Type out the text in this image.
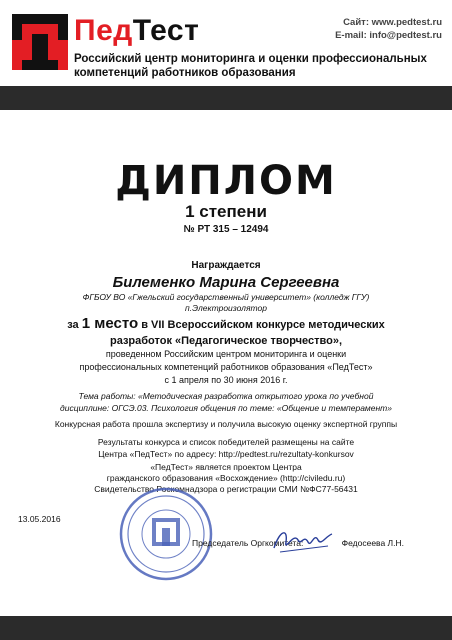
ПедТест	Сайт: www.pedtest.ru
E-mail: info@pedtest.ru
Российский центр мониторинга и оценки профессиональных компетенций работников образования
ДИПЛОМ
1 степени
№ РТ 315 – 12494
Награждается
Билеменко Марина Сергеевна
ФГБОУ ВО «Гжельский государственный университет» (колледж ГГУ)
п.Электроизолятор
за 1 место в VII Всероссийском конкурсе методических
разработок «Педагогическое творчество»,
проведенном Российским центром мониторинга и оценки
профессиональных компетенций работников образования «ПедТест»
с 1 апреля по 30 июня 2016 г.
Тема работы: «Методическая разработка открытого урока по учебной
дисциплине: ОГСЭ.03. Психология общения по теме: «Общение и темперамент»
Конкурсная работа прошла экспертизу и получила высокую оценку экспертной группы
Результаты конкурса и список победителей размещены на сайте
Центра «ПедТест» по адресу: http://pedtest.ru/rezultaty-konkursov
«ПедТест» является проектом Центра
гражданского образования «Восхождение» (http://civiledu.ru)
Свидетельство Роскомнадзора о регистрации СМИ №ФС77-56431
13.05.2016
Председатель Оргкомитета:	Федосеева Л.Н.
